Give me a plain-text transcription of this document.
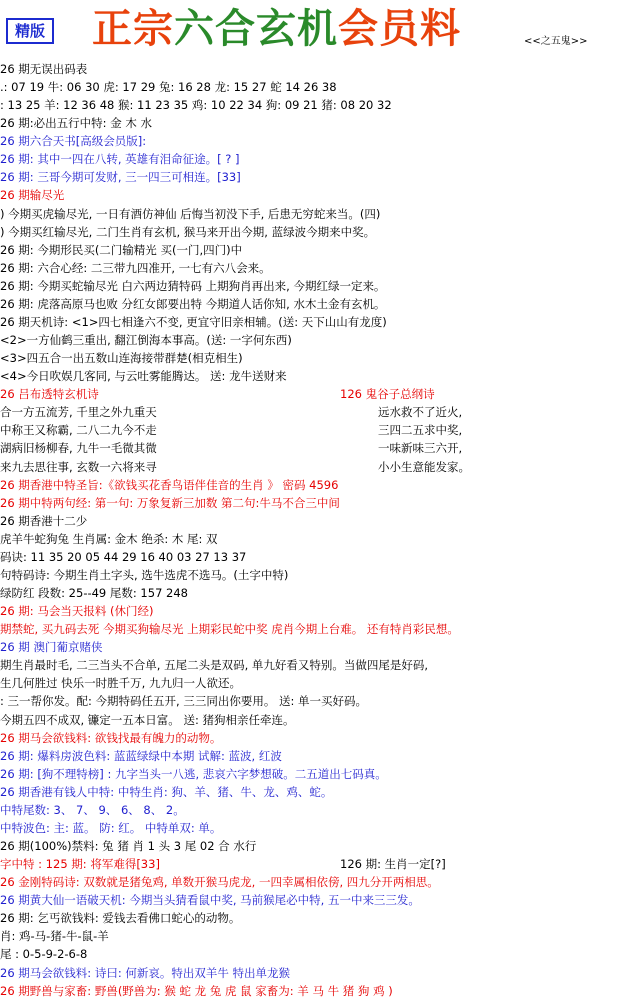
精版 正宗六合玄机会员料	<<之五鬼>>
26 期无误出码表
.: 07 19 牛: 06 30 虎: 17 29 兔: 16 28 龙: 15 27 蛇 14 26 38
: 13 25 羊: 12 36 48 猴: 11 23 35 鸡: 10 22 34 狗: 09 21 猪: 08 20 32
26 期:必出五行中特: 金 木 水
26 期六合天书[高级会员版]:
26 期: 其中一四在八转, 英雄有泪命征途。[ ? ]
26 期: 三哥今期可发财, 三一四三可相连。[33]
26 期输尽光
) 今期买虎输尽光, 一日有酒仿神仙 后悔当初没下手, 后患无穷蛇来当。(四)
) 今期买红输尽光, 二门生肖有玄机, 猴马来开出今期, 蓝绿波今期来中奖。
26 期: 今期形民买(二门输精光 买(一门,四门)中
26 期: 六合心经: 二三带九四准开, 一七有六八会来。
26 期: 今期买蛇输尽光 白六两边猜特码 上期狗肖再出来, 今期红绿一定来。
26 期: 虎落高原马也败 分红女郎要出特 今期道人话你知, 水木土金有玄机。
26 期天机诗: <1>四七相逢六不变, 更宜守旧亲相辅。(送: 天下山山有龙度)
<2>一方仙鹤三重出, 翻江倒海本事高。(送: 一字何东西)
<3>四五合一出五数山连海接带群楚(相克相生)
<4>今日吹娱几客同, 与云吐雾能腾达。 送: 龙牛送财来
26 吕布透特玄机诗	126 鬼谷子总纲诗
合一方五流芳, 千里之外九重天	远水救不了近火,
中称王又称霸, 二八二九今不走	三四二五求中奖,
湖病旧杨柳春, 九牛一毛微其微	一味新味三六开,
来九去思往事, 玄数一六将来寻	小小生意能发家。
26 期香港中特圣旨:《欲钱买花香鸟语伴佳音的生肖 》 密码 4596
26 期中特两句经: 第一句: 万象复新三加数 第二句:牛马不合三中间
26 期香港十二少
虎羊牛蛇狗兔 生肖属: 金木 绝杀: 木 尾: 双
码诀: 11 35 20 05 44 29 16 40 03 27 13 37
句特码诗: 今期生肖土字头, 选牛选虎不选马。(土字中特)
绿防红 段数: 25--49 尾数: 157 248
26 期: 马会当天报料 (休门经)
期禁蛇, 买九码去死 今期买狗输尽光 上期彩民蛇中奖 虎肖今期上台难。 还有特肖彩民想。
26 期 澳门葡京赌侠
期生肖最时毛, 二三当头不合单, 五尾二头是双码, 单九好看又特别。当做四尾是好码,
生几何胜过 快乐一时胜千万, 九九归一人欲还。
: 三一帮你发。配: 今期特码任五开, 三三同出你要用。 送: 单一买好码。
今期五四不成双, 镰定一五本日富。 送: 猪狗相亲任牵连。
26 期马会欲钱料: 欲钱找最有魄力的动物。
26 期: 爆料房波色料: 蓝蓝绿绿中本期 试解: 蓝波, 红波
26 期: [狗不理特榜] : 九字当头一八逃, 悲哀六字梦想破。二五道出七码真。
26 期香港有钱人中特: 中特生肖: 狗、羊、猪、牛、龙、鸡、蛇。
中特尾数: 3、 7、 9、 6、 8、 2。
中特波色: 主: 蓝。 防: 红。 中特单双: 单。
26 期(100%)禁料: 兔 猪 肖 1 头 3 尾 02 合 水行
字中特 : 125 期: 将军难得[33]	126 期: 生肖一定[?]
26 金刚特码诗: 双数就是猪兔鸡, 单数开猴马虎龙, 一四幸属相依傍, 四九分开两相思。
26 期黄大仙一语破天机: 今期当头猜看鼠中奖, 马前猴尾必中特, 五一中来三三发。
26 期: 乞丐欲钱料: 爱钱去看佛口蛇心的动物。
肖: 鸡-马-猪-牛-鼠-羊
尾 : 0-5-9-2-6-8
26 期马会欲钱料: 诗曰: 何新哀。特出双羊牛 特出单龙猴
26 期野兽与家畜: 野兽(野兽为: 猴 蛇 龙 兔 虎 鼠 家畜为: 羊 马 牛 猪 狗 鸡 )
